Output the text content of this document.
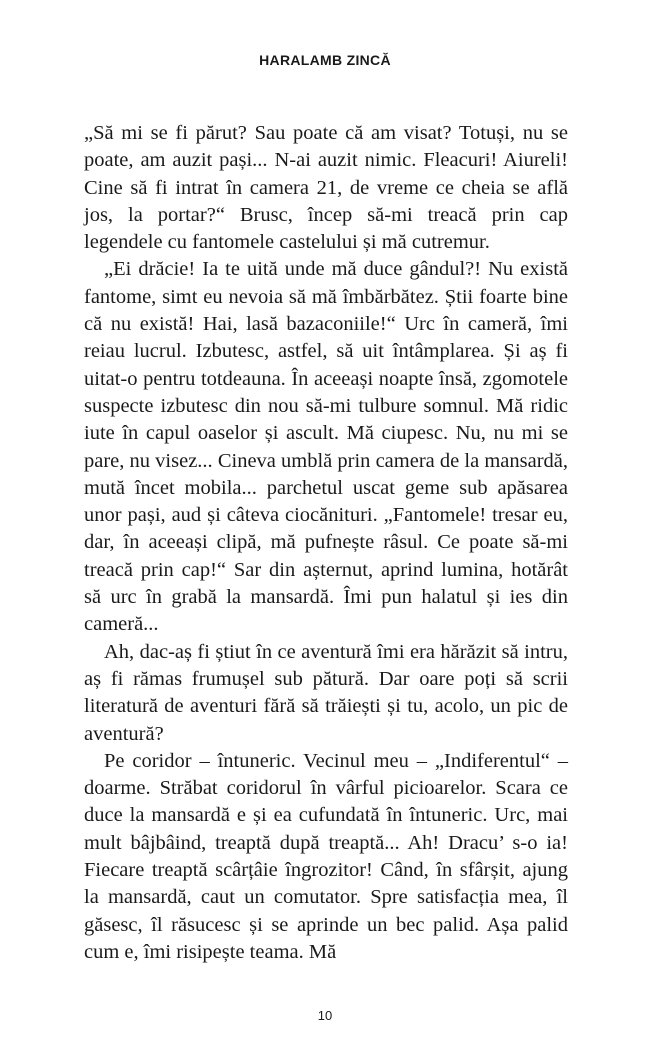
HARALAMB ZINCĂ

„Să mi se fi părut? Sau poate că am visat? Totuși, nu se poate, am auzit pași... N-ai auzit nimic. Fleacuri! Aiureli! Cine să fi intrat în camera 21, de vreme ce cheia se află jos, la portar?“ Brusc, încep să-mi treacă prin cap legendele cu fantomele castelului și mă cutremur.

„Ei drăcie! Ia te uită unde mă duce gândul?! Nu există fantome, simt eu nevoia să mă îmbărbătez. Știi foarte bine că nu există! Hai, lasă bazaconiile!“ Urc în cameră, îmi reiau lucrul. Izbutesc, astfel, să uit întâmplarea. Și aș fi uitat-o pentru totdeauna. În aceeași noapte însă, zgomotele suspecte izbutesc din nou să-mi tulbure somnul. Mă ridic iute în capul oaselor și ascult. Mă ciupesc. Nu, nu mi se pare, nu visez... Cineva umblă prin camera de la mansardă, mută încet mobila... parchetul uscat geme sub apăsarea unor pași, aud și câteva ciocănituri. „Fantomele! tresar eu, dar, în aceeași clipă, mă pufnește râsul. Ce poate să-mi treacă prin cap!“ Sar din așternut, aprind lumina, hotărât să urc în grabă la mansardă. Îmi pun halatul și ies din cameră...

Ah, dac-aș fi știut în ce aventură îmi era hărăzit să intru, aș fi rămas frumușel sub pătură. Dar oare poți să scrii literatură de aventuri fără să trăiești și tu, acolo, un pic de aventură?

Pe coridor – întuneric. Vecinul meu – „Indiferentul“ – doarme. Străbat coridorul în vârful picioarelor. Scara ce duce la mansardă e și ea cufundată în întuneric. Urc, mai mult bâjbâind, treaptă după treaptă... Ah! Dracu’ s-o ia! Fiecare treaptă scârțâie îngrozitor! Când, în sfârșit, ajung la mansardă, caut un comutator. Spre satisfacția mea, îl găsesc, îl răsucesc și se aprinde un bec palid. Așa palid cum e, îmi risipește teama. Mă

10
